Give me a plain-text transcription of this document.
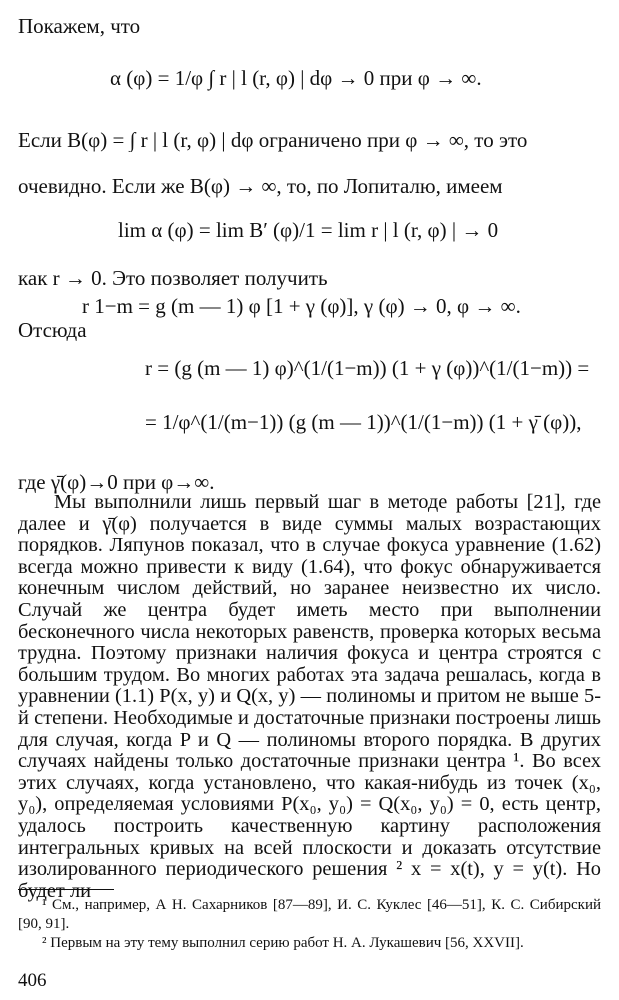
Покажем, что
α (φ) = 1/φ ∫ r | l (r, φ) | dφ → 0 при φ → ∞.
Если B(φ) = ∫ r | l (r, φ) | dφ ограничено при φ → ∞, то это
очевидно. Если же B(φ) → ∞, то, по Лопиталю, имеем
lim α (φ) = lim B′ (φ)/1 = lim r | l (r, φ) | → 0
как r → 0. Это позволяет получить
r 1−m = g (m — 1) φ [1 + γ (φ)], γ (φ) → 0, φ → ∞.
Отсюда
r = (g (m — 1) φ)^(1/(1−m)) (1 + γ (φ))^(1/(1−m)) =
= 1/φ^(1/(m−1)) (g (m — 1))^(1/(1−m)) (1 + γ̄ (φ)),
где γ̄(φ)→0 при φ→∞.

Мы выполнили лишь первый шаг в методе работы [21], где далее и γ̄(φ) получается в виде суммы малых возрастающих порядков. Ляпунов показал, что в случае фокуса уравнение (1.62) всегда можно привести к виду (1.64), что фокус обнаруживается конечным числом действий, но заранее неизвестно их число. Случай же центра будет иметь место при выполнении бесконечного числа некоторых равенств, проверка которых весьма трудна. Поэтому признаки наличия фокуса и центра строятся с большим трудом. Во многих работах эта задача решалась, когда в уравнении (1.1) P(x, y) и Q(x, y) — полиномы и притом не выше 5-й степени. Необходимые и достаточные признаки построены лишь для случая, когда P и Q — полиномы второго порядка. В других случаях найдены только достаточные признаки центра ¹. Во всех этих случаях, когда установлено, что какая-нибудь из точек (x₀, y₀), определяемая условиями P(x₀, y₀) = Q(x₀, y₀) = 0, есть центр, удалось построить качественную картину расположения интегральных кривых на всей плоскости и доказать отсутствие изолированного периодического решения ² x = x(t), y = y(t). Но будет ли

¹ См., например, А Н. Сахарников [87—89], И. С. Куклес [46—51], К. С. Сибирский [90, 91].

² Первым на эту тему выполнил серию работ Н. А. Лукашевич [56, XXVII].

406
